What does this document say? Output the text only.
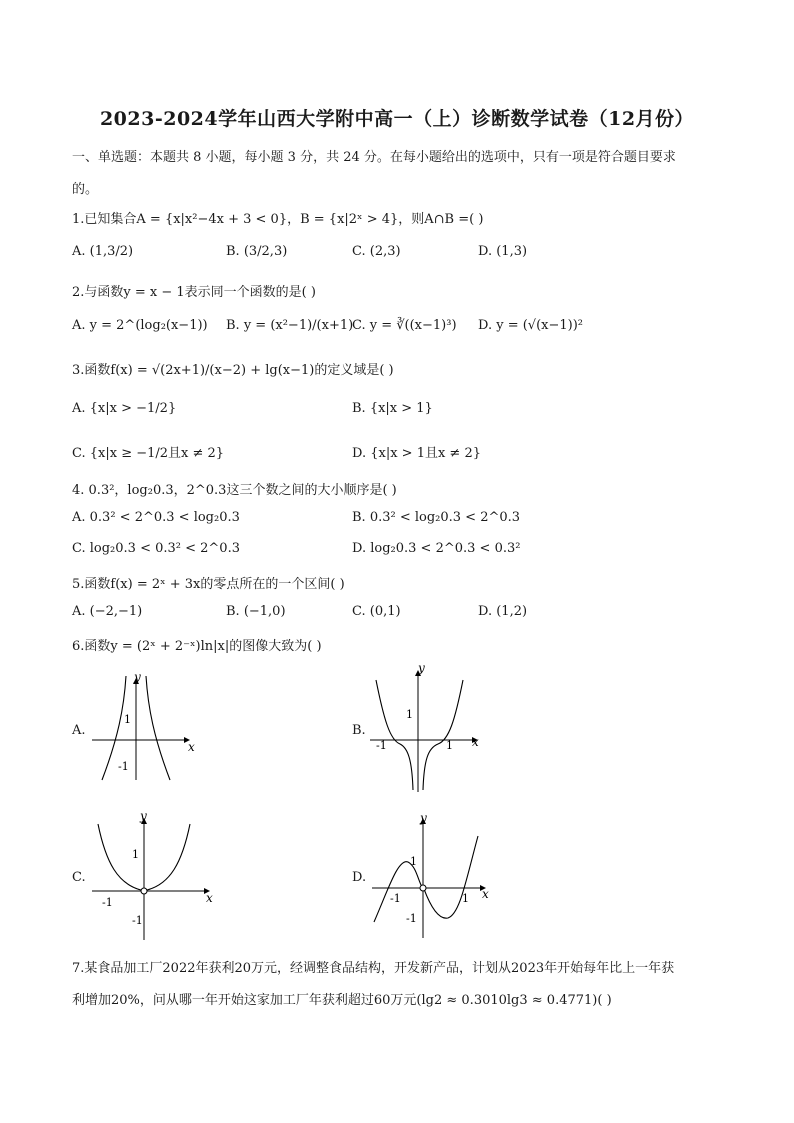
2023-2024学年山西大学附中高一（上）诊断数学试卷（12月份）
一、单选题：本题共 8 小题，每小题 3 分，共 24 分。在每小题给出的选项中，只有一项是符合题目要求
的。
1.已知集合A = {x|x²−4x + 3 < 0}，B = {x|2ˣ > 4}，则A∩B =( )
A. (1,3/2)	B. (3/2,3)	C. (2,3)	D. (1,3)
2.与函数y = x − 1表示同一个函数的是( )
A. y = 2^(log₂(x−1)) B. y = (x²−1)/(x+1)
C. y = ∛((x−1)³) D. y = (√(x−1))²
3.函数f(x) = √(2x+1)/(x−2) + lg(x−1)的定义域是( )
A. {x|x > −1/2}	B. {x|x > 1}
C. {x|x ≥ −1/2且x ≠ 2}	D. {x|x > 1且x ≠ 2}
4. 0.3²，log₂0.3，2^0.3这三个数之间的大小顺序是( )
A. 0.3² < 2^0.3 < log₂0.3	B. 0.3² < log₂0.3 < 2^0.3
C. log₂0.3 < 0.3² < 2^0.3	D. log₂0.3 < 2^0.3 < 0.3²
5.函数f(x) = 2ˣ + 3x的零点所在的一个区间( )
A. (−2,−1)	B. (−1,0)	C. (0,1)	D. (1,2)
6.函数y = (2ˣ + 2⁻ˣ)ln|x|的图像大致为( )
A.
x
y
1
-1
B.
x
y
1
-1	1
C.
x
y
1
-1
-1
D.
x
y
1
-1
-1
1
7.某食品加工厂2022年获利20万元，经调整食品结构，开发新产品，计划从2023年开始每年比上一年获
利增加20%，问从哪一年开始这家加工厂年获利超过60万元(lg2 ≈ 0.3010lg3 ≈ 0.4771)( )
